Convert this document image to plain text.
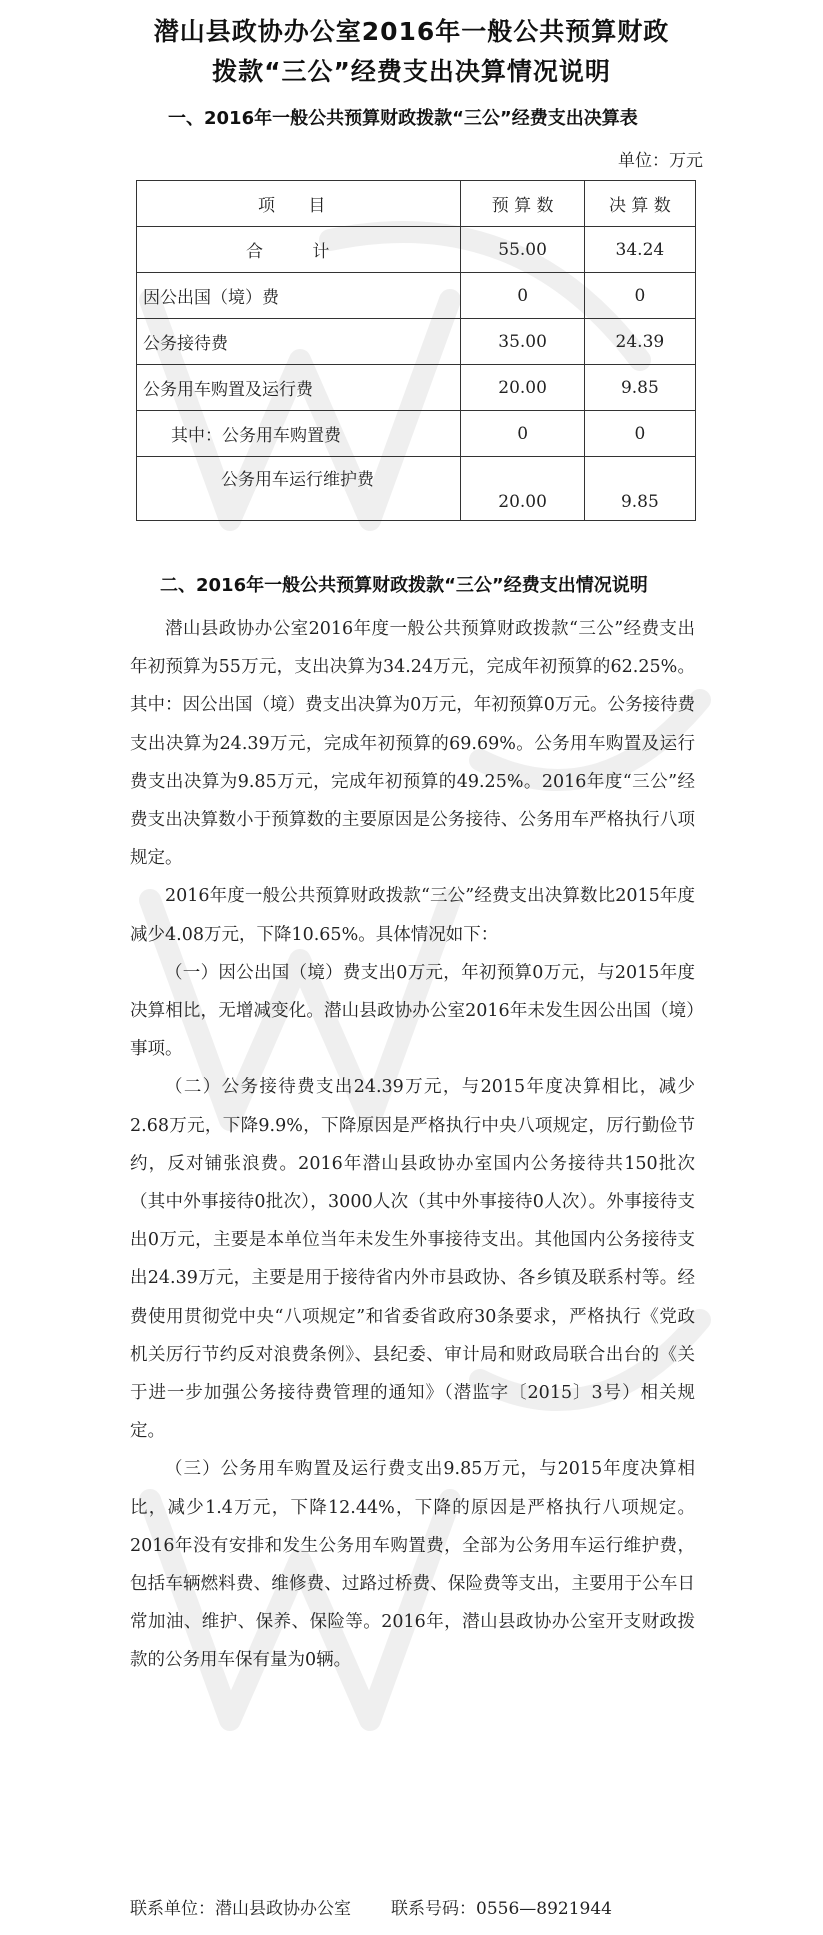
潜山县政协办公室2016年一般公共预算财政
拨款“三公”经费支出决算情况说明
一、2016年一般公共预算财政拨款“三公”经费支出决算表
单位：万元
项 目	预 算 数	决 算 数

合 计	55.00	34.24
因公出国（境）费	0	0
公务接待费	35.00	24.39
公务用车购置及运行费	20.00	9.85
其中：公务用车购置费	0	0
公务用车运行维护费	20.00	9.85
二、2016年一般公共预算财政拨款“三公”经费支出情况说明

潜山县政协办公室2016年度一般公共预算财政拨款“三公”经费支出年初预算为55万元，支出决算为34.24万元，完成年初预算的62.25%。其中：因公出国（境）费支出决算为0万元，年初预算0万元。公务接待费支出决算为24.39万元，完成年初预算的69.69%。公务用车购置及运行费支出决算为9.85万元，完成年初预算的49.25%。2016年度“三公”经费支出决算数小于预算数的主要原因是公务接待、公务用车严格执行八项规定。

2016年度一般公共预算财政拨款“三公”经费支出决算数比2015年度减少4.08万元，下降10.65%。具体情况如下：

（一）因公出国（境）费支出0万元，年初预算0万元，与2015年度决算相比，无增减变化。潜山县政协办公室2016年未发生因公出国（境）事项。

（二）公务接待费支出24.39万元，与2015年度决算相比，减少2.68万元，下降9.9%，下降原因是严格执行中央八项规定，厉行勤俭节约，反对铺张浪费。2016年潜山县政协办室国内公务接待共150批次（其中外事接待0批次），3000人次（其中外事接待0人次）。外事接待支出0万元，主要是本单位当年未发生外事接待支出。其他国内公务接待支出24.39万元，主要是用于接待省内外市县政协、各乡镇及联系村等。经费使用贯彻党中央“八项规定”和省委省政府30条要求，严格执行《党政机关厉行节约反对浪费条例》、县纪委、审计局和财政局联合出台的《关于进一步加强公务接待费管理的通知》（潜监字〔2015〕3号）相关规定。

（三）公务用车购置及运行费支出9.85万元，与2015年度决算相比，减少1.4万元，下降12.44%，下降的原因是严格执行八项规定。2016年没有安排和发生公务用车购置费，全部为公务用车运行维护费，包括车辆燃料费、维修费、过路过桥费、保险费等支出，主要用于公车日常加油、维护、保养、保险等。2016年，潜山县政协办公室开支财政拨款的公务用车保有量为0辆。

联系单位：潜山县政协办公室 联系号码：0556—8921944
